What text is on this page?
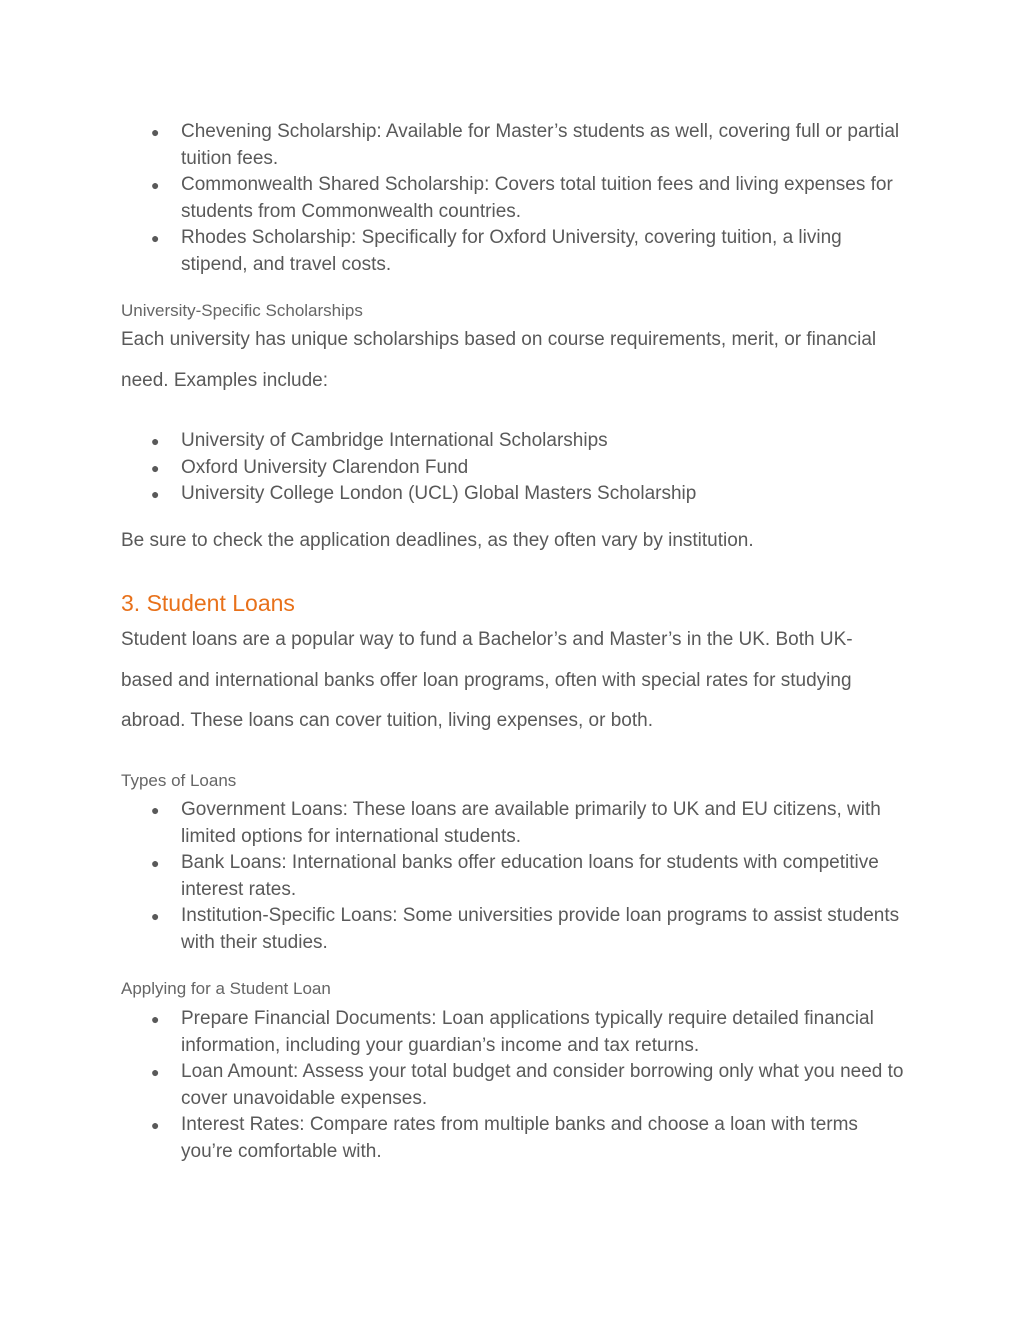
● Chevening Scholarship: Available for Master’s students as well, covering full or partial tuition fees.
● Commonwealth Shared Scholarship: Covers total tuition fees and living expenses for students from Commonwealth countries.
● Rhodes Scholarship: Specifically for Oxford University, covering tuition, a living stipend, and travel costs.
University-Specific Scholarships

Each university has unique scholarships based on course requirements, merit, or financial need. Examples include:

● University of Cambridge International Scholarships
● Oxford University Clarendon Fund
● University College London (UCL) Global Masters Scholarship

Be sure to check the application deadlines, as they often vary by institution.

3. Student Loans

Student loans are a popular way to fund a Bachelor’s and Master’s in the UK. Both UK-based and international banks offer loan programs, often with special rates for studying abroad. These loans can cover tuition, living expenses, or both.

Types of Loans
● Government Loans: These loans are available primarily to UK and EU citizens, with limited options for international students.
● Bank Loans: International banks offer education loans for students with competitive interest rates.
● Institution-Specific Loans: Some universities provide loan programs to assist students with their studies.
Applying for a Student Loan
● Prepare Financial Documents: Loan applications typically require detailed financial information, including your guardian’s income and tax returns.
● Loan Amount: Assess your total budget and consider borrowing only what you need to cover unavoidable expenses.
● Interest Rates: Compare rates from multiple banks and choose a loan with terms you’re comfortable with.
